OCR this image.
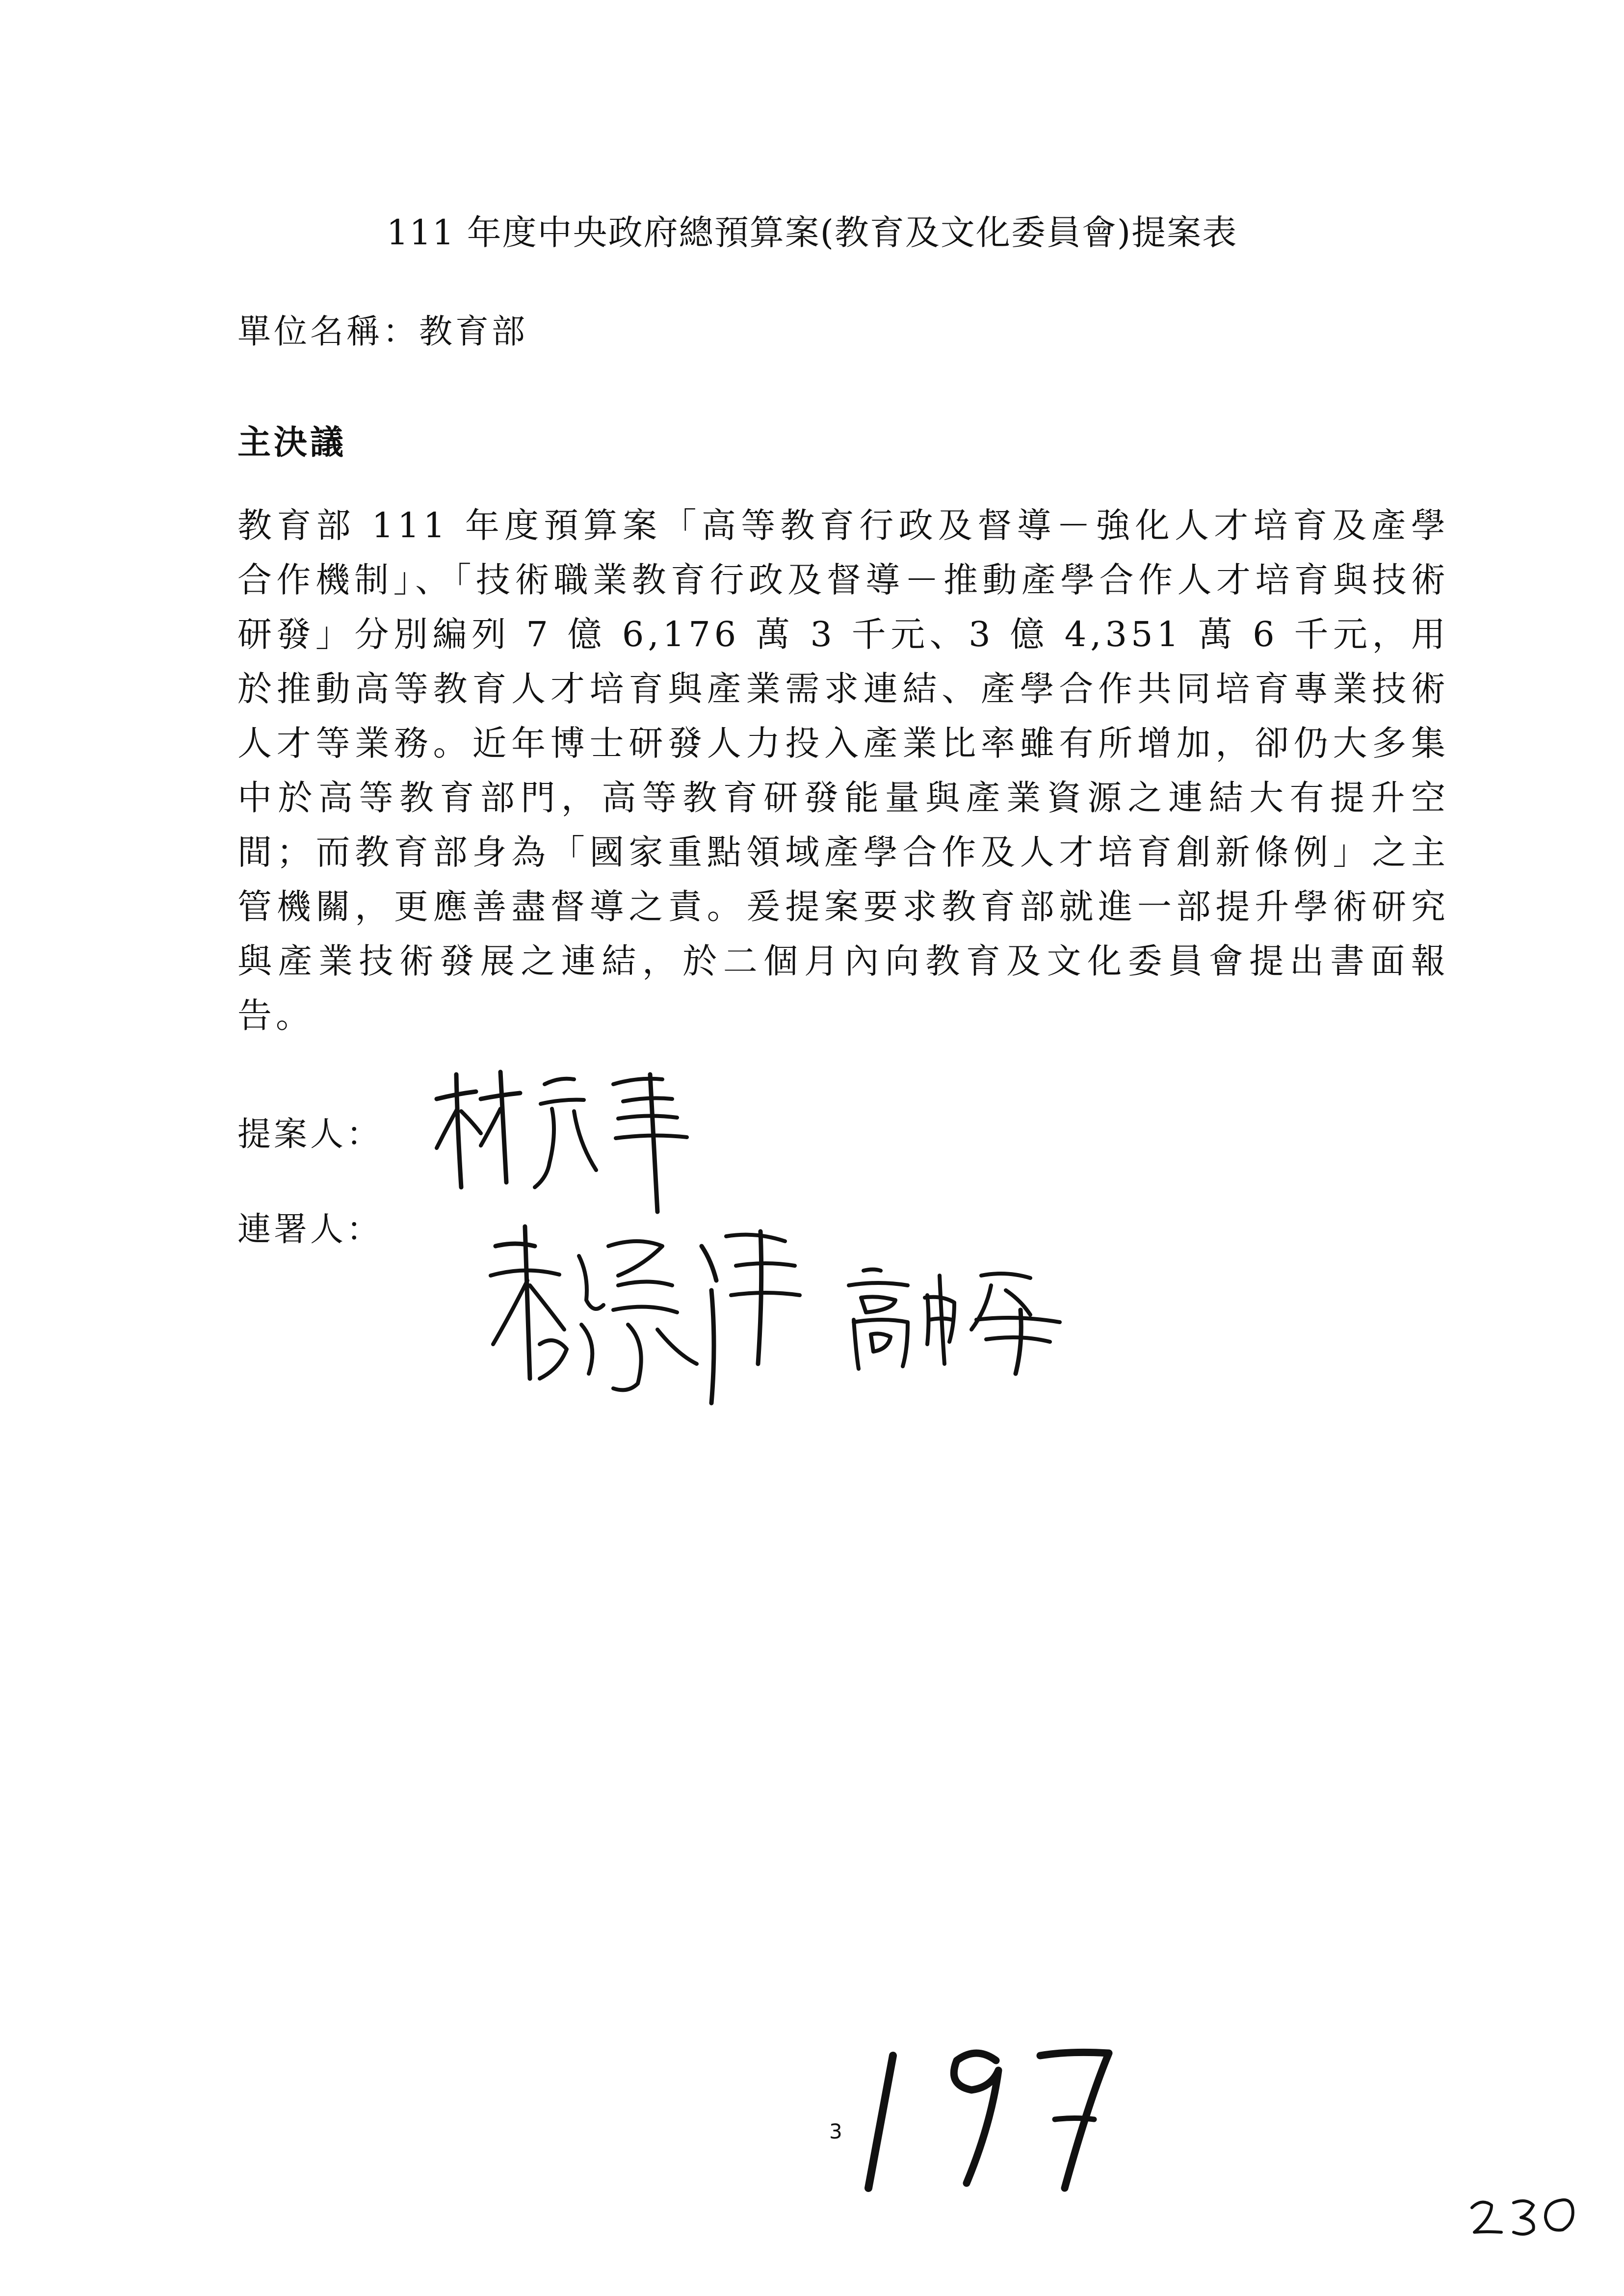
111 年度中央政府總預算案(教育及文化委員會)提案表
單位名稱：教育部
主決議
教育部 111 年度預算案「高等教育行政及督導－強化人才培育及產學合作機制」、「技術職業教育行政及督導－推動產學合作人才培育與技術研發」分別編列 7 億 6,176 萬 3 千元、3 億 4,351 萬 6 千元，用於推動高等教育人才培育與產業需求連結、產學合作共同培育專業技術人才等業務。近年博士研發人力投入產業比率雖有所增加，卻仍大多集中於高等教育部門，高等教育研發能量與產業資源之連結大有提升空間；而教育部身為「國家重點領域產學合作及人才培育創新條例」之主管機關，更應善盡督導之責。爰提案要求教育部就進一部提升學術研究與產業技術發展之連結，於二個月內向教育及文化委員會提出書面報告。
提案人：
連署人：
3
